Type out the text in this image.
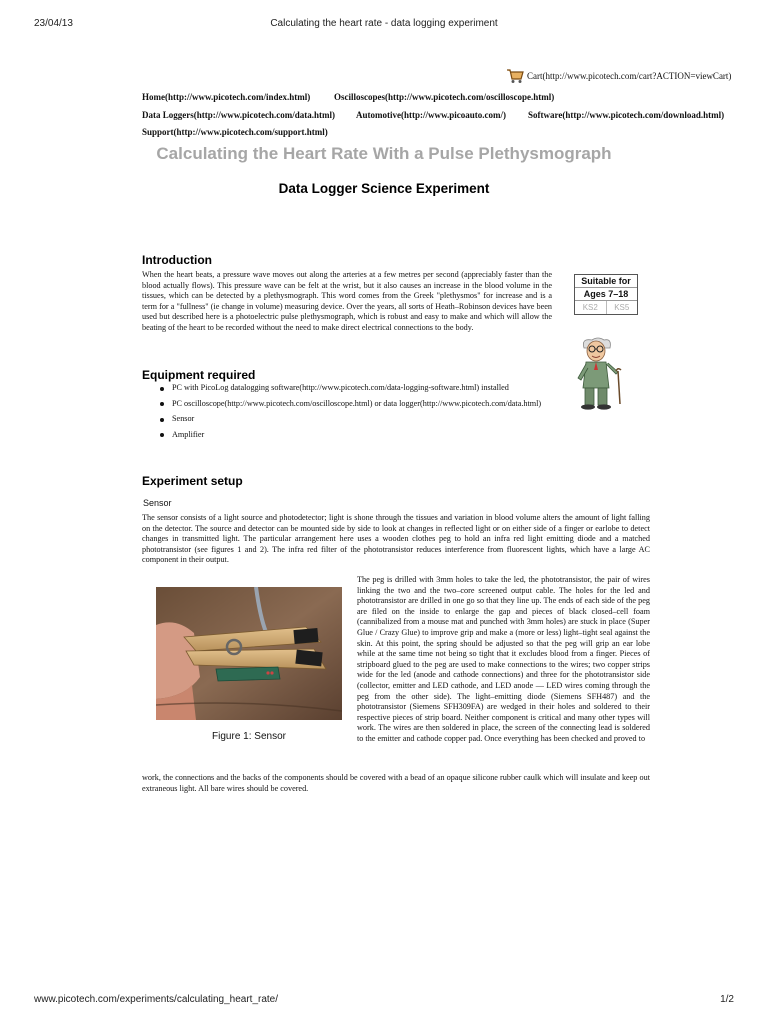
23/04/13	Calculating the heart rate - data logging experiment
Cart(http://www.picotech.com/cart?ACTION=viewCart)
Home(http://www.picotech.com/index.html)	Oscilloscopes(http://www.picotech.com/oscilloscope.html)
Data Loggers(http://www.picotech.com/data.html) Automotive(http://www.picoauto.com/) Software(http://www.picotech.com/download.html)
Support(http://www.picotech.com/support.html)
Calculating the Heart Rate With a Pulse Plethysmograph
Data Logger Science Experiment
Introduction

When the heart beats, a pressure wave moves out along the arteries at a few metres per second (appreciably faster than the blood actually flows). This pressure wave can be felt at the wrist, but it also causes an increase in the blood volume in the tissues, which can be detected by a plethysmograph. This word comes from the Greek "plethysmos" for increase and is a term for a "fullness" (ie change in volume) measuring device. Over the years, all sorts of Heath–Robinson devices have been used but described here is a photoelectric pulse plethysmograph, which is robust and easy to make and which will allow the beating of the heart to be recorded without the need to make direct electrical connections to the body.

Suitable for
Ages 7–18
KS2	KS5
Equipment required
PC with PicoLog datalogging software(http://www.picotech.com/data-logging-software.html) installed
PC oscilloscope(http://www.picotech.com/oscilloscope.html) or data logger(http://www.picotech.com/data.html)
Sensor
Amplifier
Experiment setup
Sensor

The sensor consists of a light source and photodetector; light is shone through the tissues and variation in blood volume alters the amount of light falling on the detector. The source and detector can be mounted side by side to look at changes in reflected light or on either side of a finger or earlobe to detect changes in transmitted light. The particular arrangement here uses a wooden clothes peg to hold an infra red light emitting diode and a matched phototransistor (see figures 1 and 2). The infra red filter of the phototransistor reduces interference from fluorescent lights, which have a large AC component in their output.

Figure 1: Sensor

The peg is drilled with 3mm holes to take the led, the phototransistor, the pair of wires linking the two and the two–core screened output cable. The holes for the led and phototransistor are drilled in one go so that they line up. The ends of each side of the peg are filed on the inside to enlarge the gap and pieces of black closed–cell foam (cannibalized from a mouse mat and punched with 3mm holes) are stuck in place (Super Glue / Crazy Glue) to improve grip and make a (more or less) light–tight seal against the skin. At this point, the spring should be adjusted so that the peg will grip an ear lobe while at the same time not being so tight that it excludes blood from a finger. Pieces of stripboard glued to the peg are used to make connections to the wires; two copper strips wide for the led (anode and cathode connections) and three for the phototransistor side (collector, emitter and LED cathode, and LED anode — LED wires coming through the peg from the other side). The light–emitting diode (Siemens SFH487) and the phototransistor (Siemens SFH309FA) are wedged in their holes and soldered to their respective pieces of strip board. Neither component is critical and many other types will work. The wires are then soldered in place, the screen of the connecting lead is soldered to the emitter and cathode copper pad. Once everything has been checked and proved to

work, the connections and the backs of the components should be covered with a bead of an opaque silicone rubber caulk which will insulate and keep out extraneous light. All bare wires should be covered.

www.picotech.com/experiments/calculating_heart_rate/	1/2
